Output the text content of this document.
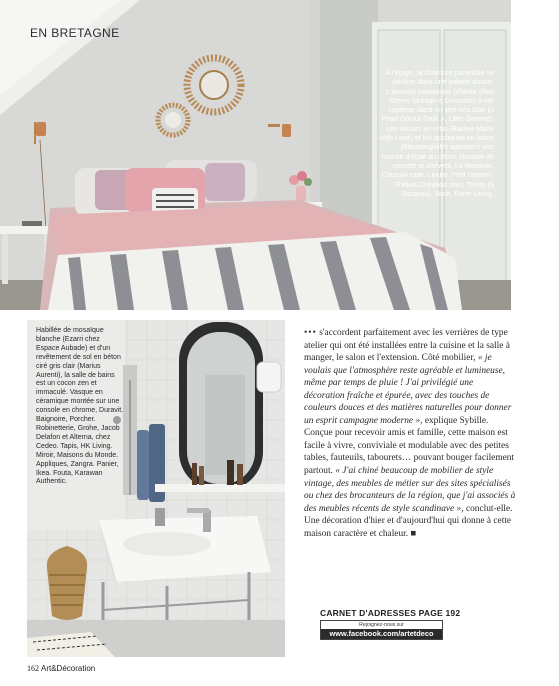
EN BRETAGNE

À l'étage, la chambre parentale se décline dans une palette douce. L'armoire parisienne (chinée chez Green Vintage à Grenoble) a été repeinte dans un vert très clair (« Pearl Colour Dark », Little Greene). Les miroirs en rotin (Bakker Made with Love) et les appliques en laiton (Bloomingville) apportent une touche d'éclat au décor. Housse de couette et chevets, La Redoute. Coussin rose, Linum. Petit coussin, Shifumi Création chez Trinity (à Sarzeau). Vase, Ferm Living.

Habillée de mosaïque blanche (Ezarri chez Espace Aubade) et d'un revêtement de sol en béton ciré gris clair (Marius Aurenti), la salle de bains est un cocon zen et immaculé. Vasque en céramique montée sur une console en chrome, Duravit. Baignoire, Porcher. Robinetterie, Grohe, Jacob Delafon et Alterna, chez Cedeo. Tapis, HK Living. Miroir, Maisons du Monde. Appliques, Zangra. Panier, Ikea. Fouta, Karawan Authentic.

••• s'accordent parfaitement avec les verrières de type atelier qui ont été installées entre la cuisine et la salle à manger, le salon et l'extension. Côté mobilier, « je voulais que l'atmosphère reste agréable et lumineuse, même par temps de pluie ! J'ai privilégié une décoration fraîche et épurée, avec des touches de couleurs douces et des matières naturelles pour donner un esprit campagne moderne », explique Sybille. Conçue pour recevoir amis et famille, cette maison est facile à vivre, conviviale et modulable avec des petites tables, fauteuils, tabourets… pouvant bouger facilement partout. « J'ai chiné beaucoup de mobilier de style vintage, des meubles de métier sur des sites spécialisés ou chez des brocanteurs de la région, que j'ai associés à des meubles récents de style scandinave », conclut-elle. Une décoration d'hier et d'aujourd'hui qui donne à cette maison caractère et chaleur. ■
CARNET D'ADRESSES PAGE 192
Rejoignez-nous sur
www.facebook.com/artetdeco
162 Art&Décoration
